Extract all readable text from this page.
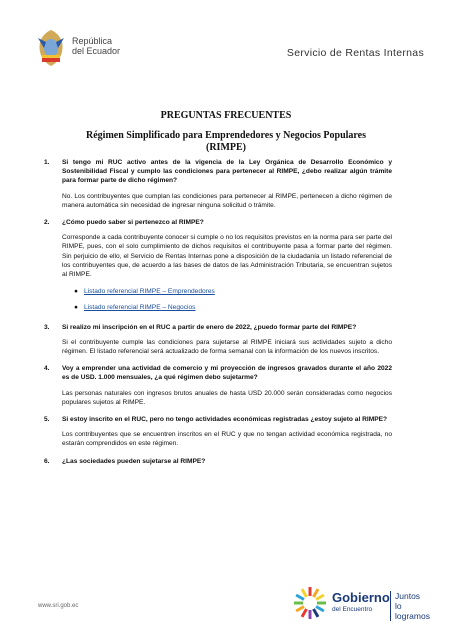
República
del Ecuador	Servicio de Rentas Internas
PREGUNTAS FRECUENTES
Régimen Simplificado para Emprendedores y Negocios Populares
(RIMPE)
1. Si tengo mi RUC activo antes de la vigencia de la Ley Orgánica de Desarrollo Económico y Sostenibilidad Fiscal y cumplo las condiciones para pertenecer al RIMPE, ¿debo realizar algún trámite para formar parte de dicho régimen?
No. Los contribuyentes que cumplan las condiciones para pertenecer al RIMPE, pertenecen a dicho régimen de manera automática sin necesidad de ingresar ninguna solicitud o trámite.
2. ¿Cómo puedo saber si pertenezco al RIMPE?
Corresponde a cada contribuyente conocer si cumple o no los requisitos previstos en la norma para ser parte del RIMPE, pues, con el solo cumplimiento de dichos requisitos el contribuyente pasa a formar parte del régimen. Sin perjuicio de ello, el Servicio de Rentas Internas pone a disposición de la ciudadanía un listado referencial de los contribuyentes que, de acuerdo a las bases de datos de las Administración Tributaria, se encuentran sujetos al RIMPE.
● Listado referencial RIMPE – Emprendedores
● Listado referencial RIMPE – Negocios
3. Si realizo mi inscripción en el RUC a partir de enero de 2022, ¿puedo formar parte del RIMPE?
Si el contribuyente cumple las condiciones para sujetarse al RIMPE iniciará sus actividades sujeto a dicho régimen. El listado referencial será actualizado de forma semanal con la información de los nuevos inscritos.
4. Voy a emprender una actividad de comercio y mi proyección de ingresos gravados durante el año 2022 es de USD. 1.000 mensuales, ¿a qué régimen debo sujetarme?
Las personas naturales con ingresos brutos anuales de hasta USD 20.000 serán consideradas como negocios populares sujetos al RIMPE.
5. Si estoy inscrito en el RUC, pero no tengo actividades económicas registradas ¿estoy sujeto al RIMPE?
Los contribuyentes que se encuentren inscritos en el RUC y que no tengan actividad económica registrada, no estarán comprendidos en este régimen.
6. ¿Las sociedades pueden sujetarse al RIMPE?
www.sri.gob.ec
Gobierno
del Encuentro
Juntos
lo logramos
